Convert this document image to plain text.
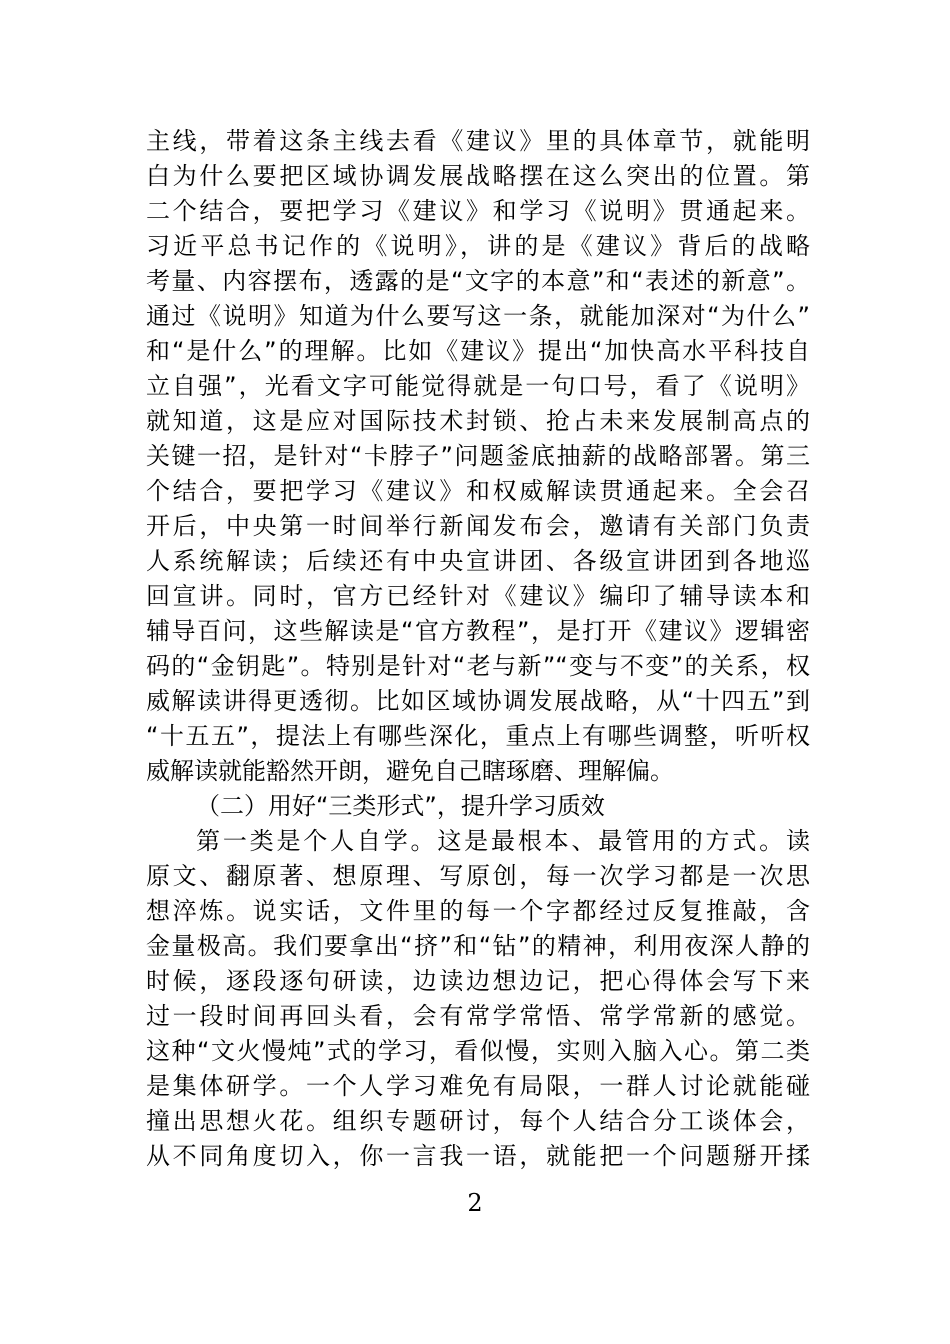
主线，带着这条主线去看《建议》里的具体章节，就能明
白为什么要把区域协调发展战略摆在这么突出的位置。第
二个结合，要把学习《建议》和学习《说明》贯通起来。
习近平总书记作的《说明》，讲的是《建议》背后的战略
考量、内容摆布，透露的是“文字的本意”和“表述的新意”。
通过《说明》知道为什么要写这一条，就能加深对“为什么”
和“是什么”的理解。比如《建议》提出“加快高水平科技自
立自强”，光看文字可能觉得就是一句口号，看了《说明》
就知道，这是应对国际技术封锁、抢占未来发展制高点的
关键一招，是针对“卡脖子”问题釜底抽薪的战略部署。第三
个结合，要把学习《建议》和权威解读贯通起来。全会召
开后，中央第一时间举行新闻发布会，邀请有关部门负责
人系统解读；后续还有中央宣讲团、各级宣讲团到各地巡
回宣讲。同时，官方已经针对《建议》编印了辅导读本和
辅导百问，这些解读是“官方教程”，是打开《建议》逻辑密
码的“金钥匙”。特别是针对“老与新”“变与不变”的关系，权
威解读讲得更透彻。比如区域协调发展战略，从“十四五”到
“十五五”，提法上有哪些深化，重点上有哪些调整，听听权
威解读就能豁然开朗，避免自己瞎琢磨、理解偏。
（二）用好“三类形式”，提升学习质效
第一类是个人自学。这是最根本、最管用的方式。读
原文、翻原著、想原理、写原创，每一次学习都是一次思
想淬炼。说实话，文件里的每一个字都经过反复推敲，含
金量极高。我们要拿出“挤”和“钻”的精神，利用夜深人静的
时候，逐段逐句研读，边读边想边记，把心得体会写下来
过一段时间再回头看，会有常学常悟、常学常新的感觉。
这种“文火慢炖”式的学习，看似慢，实则入脑入心。第二类
是集体研学。一个人学习难免有局限，一群人讨论就能碰
撞出思想火花。组织专题研讨，每个人结合分工谈体会，
从不同角度切入，你一言我一语，就能把一个问题掰开揉
2
